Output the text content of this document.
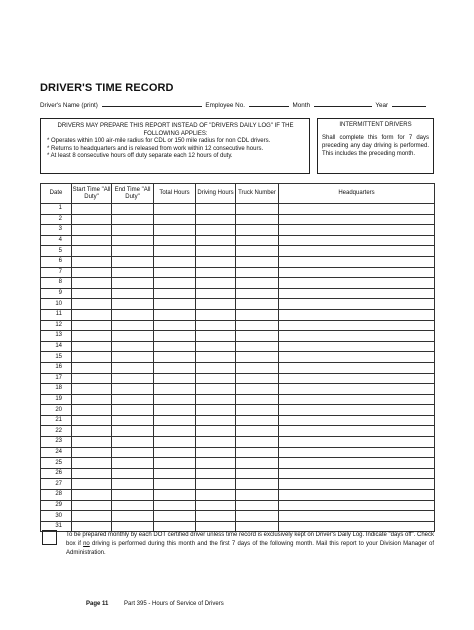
DRIVER'S TIME RECORD
Driver's Name (print)	Employee No.	Month	Year
DRIVERS MAY PREPARE THIS REPORT INSTEAD OF "DRIVERS DAILY LOG" IF THE FOLLOWING APPLIES:
* Operates within 100 air-mile radius for CDL or 150 mile radius for non CDL drivers.
* Returns to headquarters and is released from work within 12 consecutive hours.
* At least 8 consecutive hours off duty separate each 12 hours of duty.
INTERMITTENT DRIVERS
Shall complete this form for 7 days preceding any day driving is performed. This includes the preceding month.
Date	Start Time "All Duty"	End Time "All Duty"	Total Hours	Driving Hours	Truck Number	Headquarters
1						
2						
3						
4						
5						
6						
7						
8						
9						
10						
11						
12						
13						
14						
15						
16						
17						
18						
19						
20						
21						
22						
23						
24						
25						
26						
27						
28						
29						
30						
31						
To be prepared monthly by each DOT certified driver unless time record is exclusively kept on Driver's Daily Log. Indicate "days off". Check box if no driving is performed during this month and the first 7 days of the following month. Mail this report to your Division Manager of Administration.
Page 11	Part 395 - Hours of Service of Drivers
